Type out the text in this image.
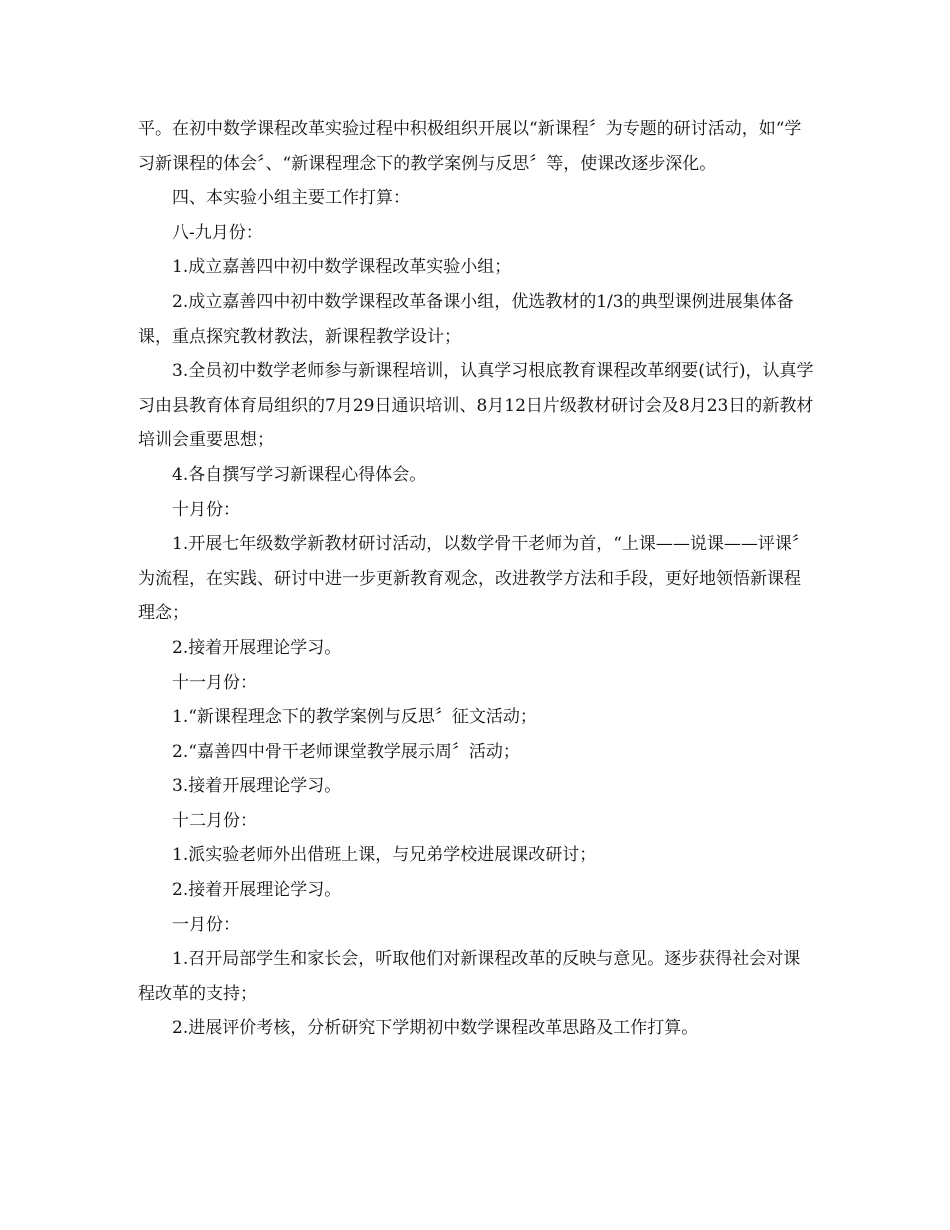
平。在初中数学课程改革实验过程中积极组织开展以“新课程〞为专题的研讨活动，如“学习新课程的体会〞、“新课程理念下的教学案例与反思〞等，使课改逐步深化。

四、本实验小组主要工作打算：

八-九月份：

1.成立嘉善四中初中数学课程改革实验小组；

2.成立嘉善四中初中数学课程改革备课小组，优选教材的1/3的典型课例进展集体备课，重点探究教材教法，新课程教学设计；

3.全员初中数学老师参与新课程培训，认真学习根底教育课程改革纲要(试行)，认真学习由县教育体育局组织的7月29日通识培训、8月12日片级教材研讨会及8月23日的新教材培训会重要思想；

4.各自撰写学习新课程心得体会。

十月份：

1.开展七年级数学新教材研讨活动，以数学骨干老师为首，“上课——说课——评课〞为流程，在实践、研讨中进一步更新教育观念，改进教学方法和手段，更好地领悟新课程理念；

2.接着开展理论学习。

十一月份：

1.“新课程理念下的教学案例与反思〞征文活动；

2.“嘉善四中骨干老师课堂教学展示周〞活动；

3.接着开展理论学习。

十二月份：

1.派实验老师外出借班上课，与兄弟学校进展课改研讨；

2.接着开展理论学习。

一月份：

1.召开局部学生和家长会，听取他们对新课程改革的反映与意见。逐步获得社会对课程改革的支持；

2.进展评价考核，分析研究下学期初中数学课程改革思路及工作打算。
